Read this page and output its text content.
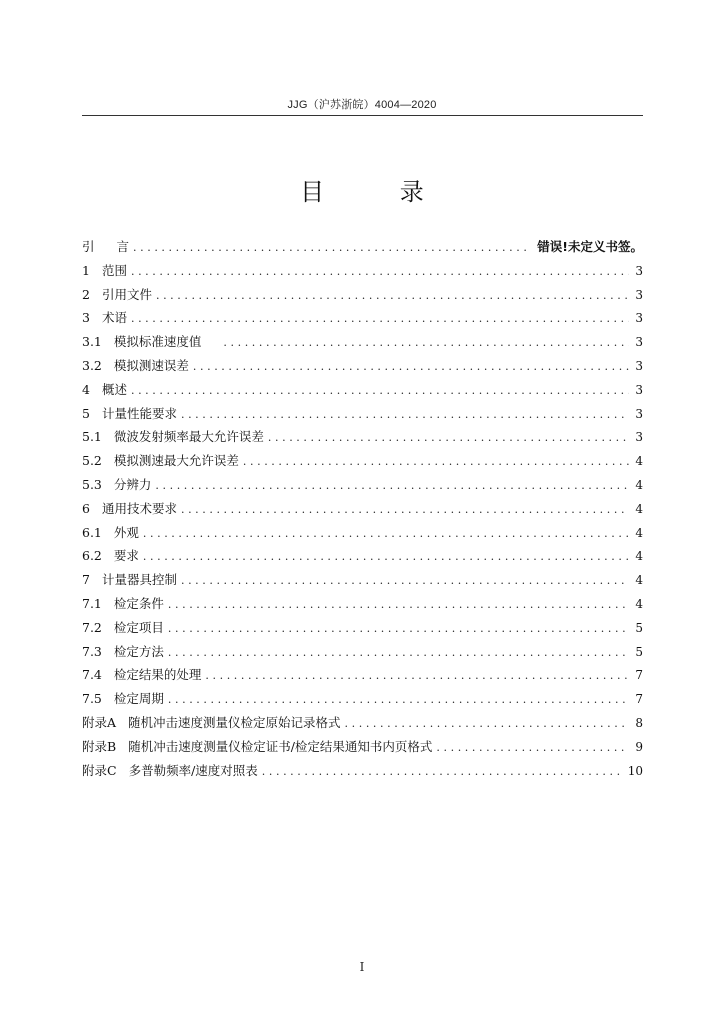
JJG（沪苏浙皖）4004—2020
目 录
引 言 .....	错误!未定义书签。
1 范围 .....	3
2 引用文件 .....	3
3 术语 .....	3
3.1 模拟标准速度值 .....	3
3.2 模拟测速误差 .....	3
4 概述 .....	3
5 计量性能要求 .....	3
5.1 微波发射频率最大允许误差 .....	3
5.2 模拟测速最大允许误差 .....	4
5.3 分辨力 .....	4
6 通用技术要求 .....	4
6.1 外观 .....	4
6.2 要求 .....	4
7 计量器具控制 .....	4
7.1 检定条件 .....	4
7.2 检定项目 .....	5
7.3 检定方法 .....	5
7.4 检定结果的处理 .....	7
7.5 检定周期 .....	7
附录A 随机冲击速度测量仪检定原始记录格式 .....	8
附录B 随机冲击速度测量仪检定证书/检定结果通知书内页格式 .....	9
附录C 多普勒频率/速度对照表 .....	10
I
